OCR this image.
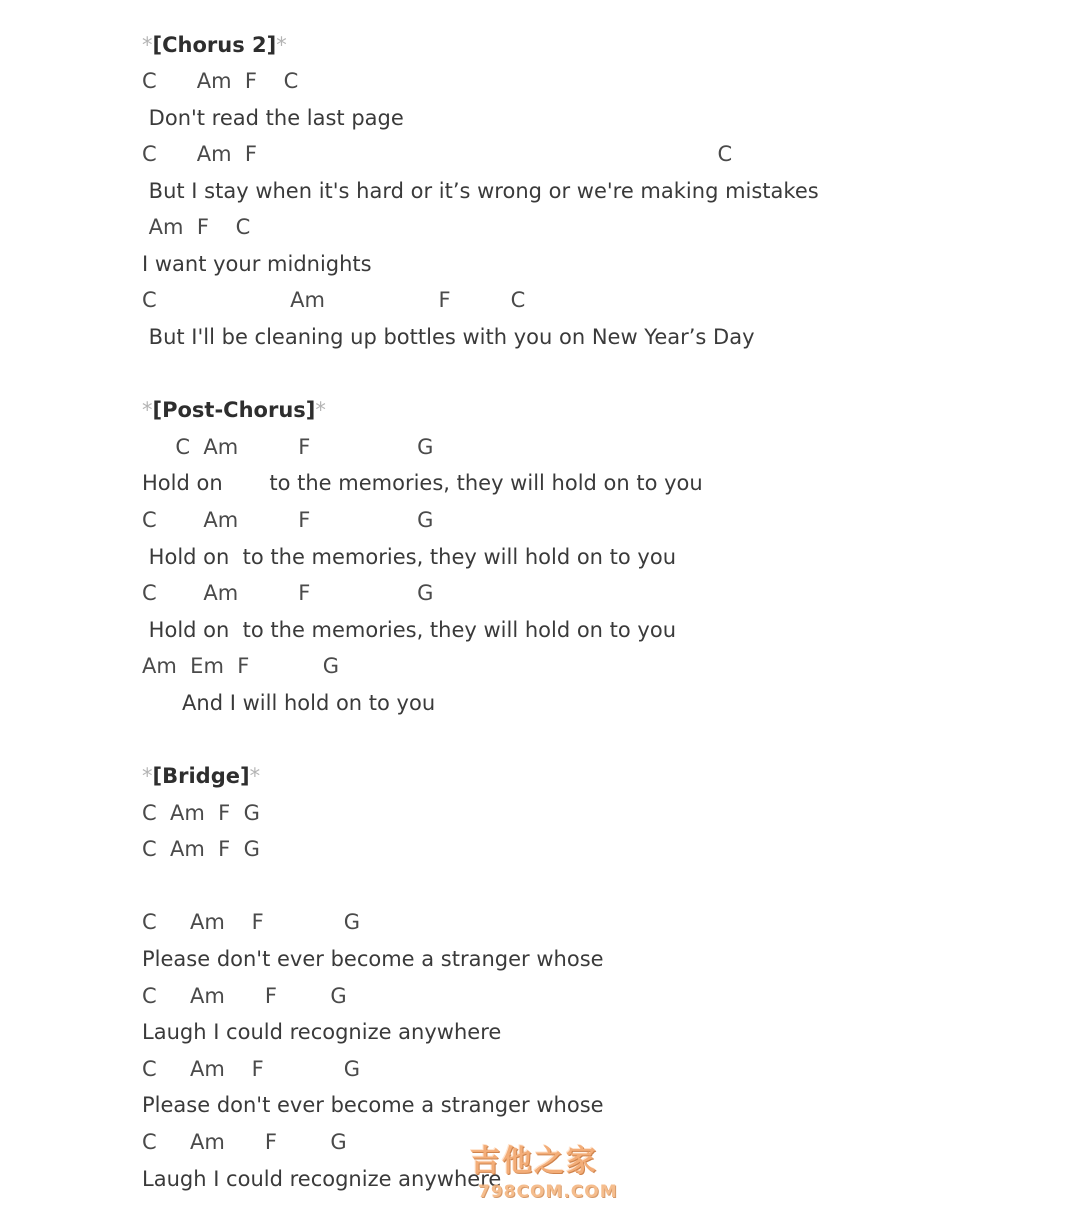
*[Chorus 2]*
C      Am  F    C
Don't read the last page
C      Am  F                                                                     C
But I stay when it's hard or it’s wrong or we're making mistakes
Am  F    C
I want your midnights
C                    Am                 F         C
But I'll be cleaning up bottles with you on New Year’s Day
*[Post-Chorus]*
C  Am         F                G
Hold on       to the memories, they will hold on to you
C       Am         F                G
Hold on  to the memories, they will hold on to you
C       Am         F                G
Hold on  to the memories, they will hold on to you
Am  Em  F           G
And I will hold on to you
*[Bridge]*
C  Am  F  G
C  Am  F  G
C     Am    F            G
Please don't ever become a stranger whose
C     Am      F        G
Laugh I could recognize anywhere
C     Am    F            G
Please don't ever become a stranger whose
C     Am      F        G
Laugh I could recognize anywhere
吉他之家
798COM.COM
